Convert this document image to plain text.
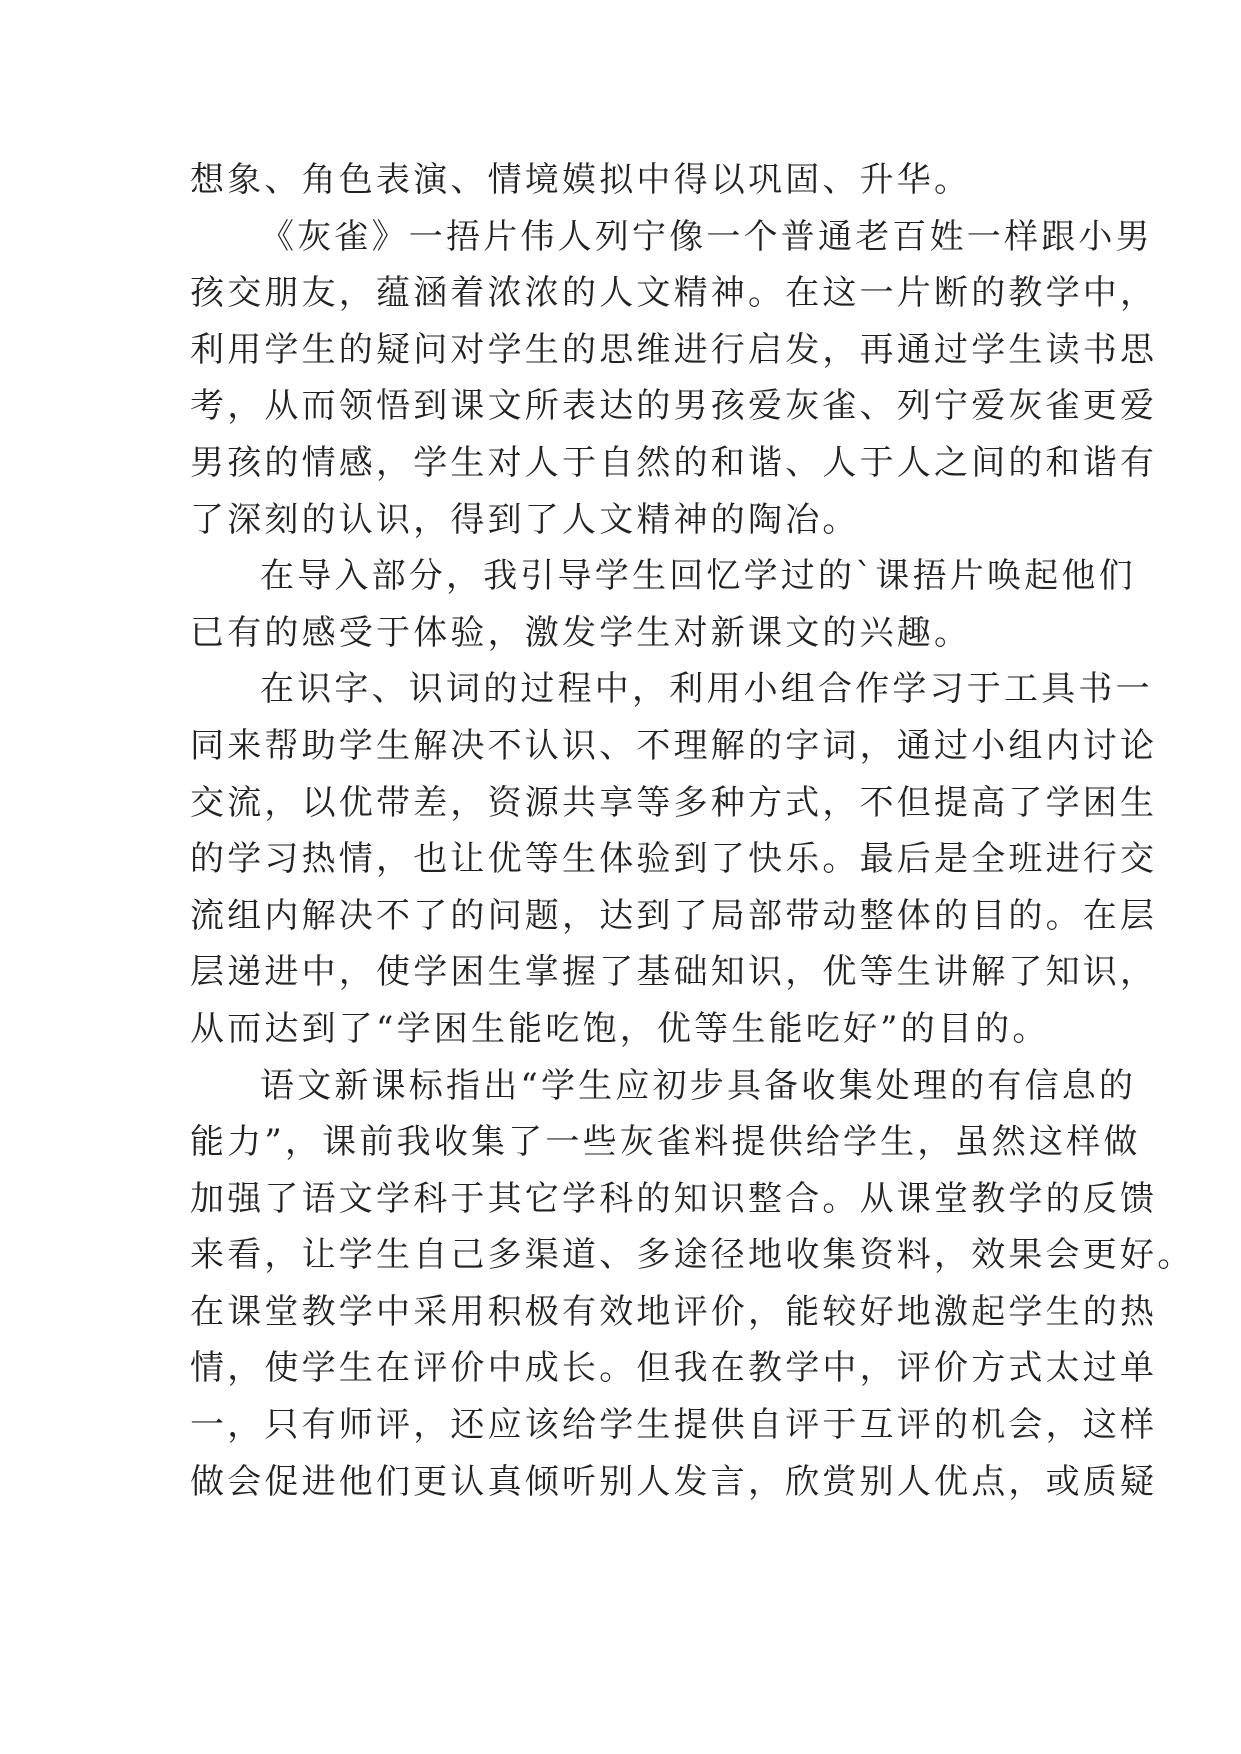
想象、角色表演、情境嫫拟中得以巩固、升华。
《灰雀》一捂片伟人列宁像一个普通老百姓一样跟小男
孩交朋友，蕴涵着浓浓的人文精神。在这一片断的教学中，
利用学生的疑问对学生的思维进行启发，再通过学生读书思
考，从而领悟到课文所表达的男孩爱灰雀、列宁爱灰雀更爱
男孩的情感，学生对人于自然的和谐、人于人之间的和谐有
了深刻的认识，得到了人文精神的陶冶。
在导入部分，我引导学生回忆学过的`课捂片唤起他们
已有的感受于体验，激发学生对新课文的兴趣。
在识字、识词的过程中，利用小组合作学习于工具书一
同来帮助学生解决不认识、不理解的字词，通过小组内讨论
交流，以优带差，资源共享等多种方式，不但提高了学困生
的学习热情，也让优等生体验到了快乐。最后是全班进行交
流组内解决不了的问题，达到了局部带动整体的目的。在层
层递进中，使学困生掌握了基础知识，优等生讲解了知识，
从而达到了“学困生能吃饱，优等生能吃好”的目的。
语文新课标指出“学生应初步具备收集处理的有信息的
能力”，课前我收集了一些灰雀料提供给学生，虽然这样做
加强了语文学科于其它学科的知识整合。从课堂教学的反馈
来看，让学生自己多渠道、多途径地收集资料，效果会更好。
在课堂教学中采用积极有效地评价，能较好地激起学生的热
情，使学生在评价中成长。但我在教学中，评价方式太过单
一，只有师评，还应该给学生提供自评于互评的机会，这样
做会促进他们更认真倾听别人发言，欣赏别人优点，或质疑
